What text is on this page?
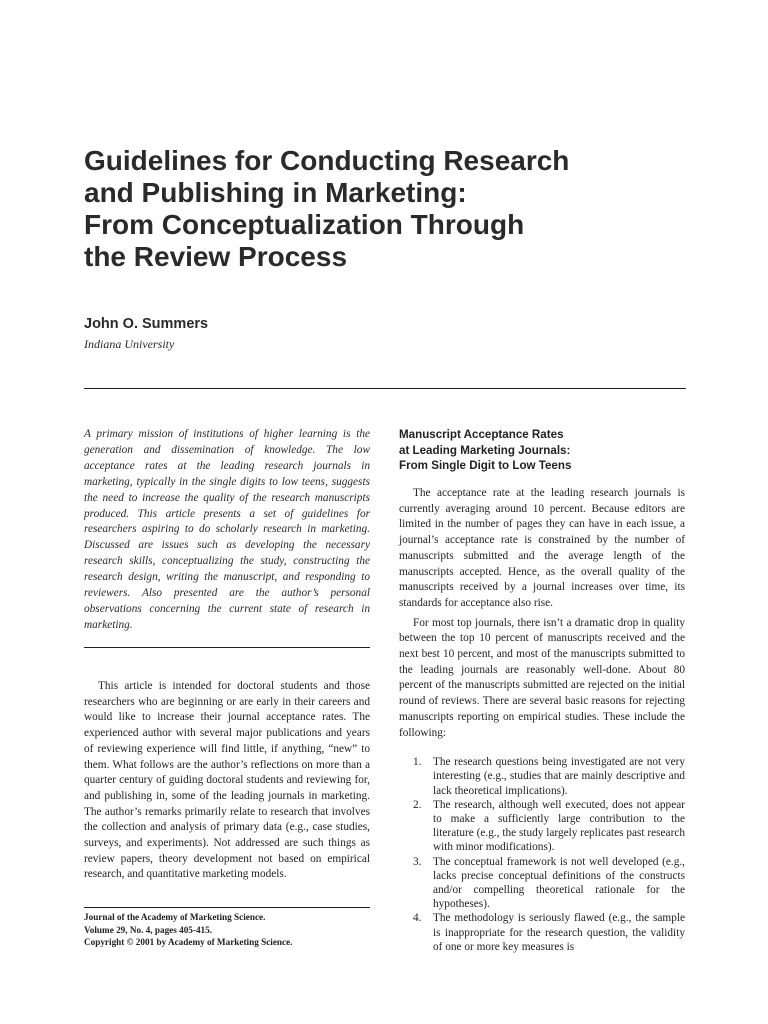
Guidelines for Conducting Research
and Publishing in Marketing:
From Conceptualization Through
the Review Process
John O. Summers
Indiana University

A primary mission of institutions of higher learning is the generation and dissemination of knowledge. The low acceptance rates at the leading research journals in marketing, typically in the single digits to low teens, suggests the need to increase the quality of the research manuscripts produced. This article presents a set of guidelines for researchers aspiring to do scholarly research in marketing. Discussed are issues such as developing the necessary research skills, conceptualizing the study, constructing the research design, writing the manuscript, and responding to reviewers. Also presented are the author’s personal observations concerning the current state of research in marketing.

This article is intended for doctoral students and those researchers who are beginning or are early in their careers and would like to increase their journal acceptance rates. The experienced author with several major publications and years of reviewing experience will find little, if anything, “new” to them. What follows are the author’s reflections on more than a quarter century of guiding doctoral students and reviewing for, and publishing in, some of the leading journals in marketing. The author’s remarks primarily relate to research that involves the collection and analysis of primary data (e.g., case studies, surveys, and experiments). Not addressed are such things as review papers, theory development not based on empirical research, and quantitative marketing models.

Journal of the Academy of Marketing Science.
Volume 29, No. 4, pages 405-415.
Copyright © 2001 by Academy of Marketing Science.
Manuscript Acceptance Rates
at Leading Marketing Journals:
From Single Digit to Low Teens

The acceptance rate at the leading research journals is currently averaging around 10 percent. Because editors are limited in the number of pages they can have in each issue, a journal’s acceptance rate is constrained by the number of manuscripts submitted and the average length of the manuscripts accepted. Hence, as the overall quality of the manuscripts received by a journal increases over time, its standards for acceptance also rise.

For most top journals, there isn’t a dramatic drop in quality between the top 10 percent of manuscripts received and the next best 10 percent, and most of the manuscripts submitted to the leading journals are reasonably well-done. About 80 percent of the manuscripts submitted are rejected on the initial round of reviews. There are several basic reasons for rejecting manuscripts reporting on empirical studies. These include the following:

1. The research questions being investigated are not very interesting (e.g., studies that are mainly descriptive and lack theoretical implications).
2. The research, although well executed, does not appear to make a sufficiently large contribution to the literature (e.g., the study largely replicates past research with minor modifications).
3. The conceptual framework is not well developed (e.g., lacks precise conceptual definitions of the constructs and/or compelling theoretical rationale for the hypotheses).
4. The methodology is seriously flawed (e.g., the sample is inappropriate for the research question, the validity of one or more key measures is
